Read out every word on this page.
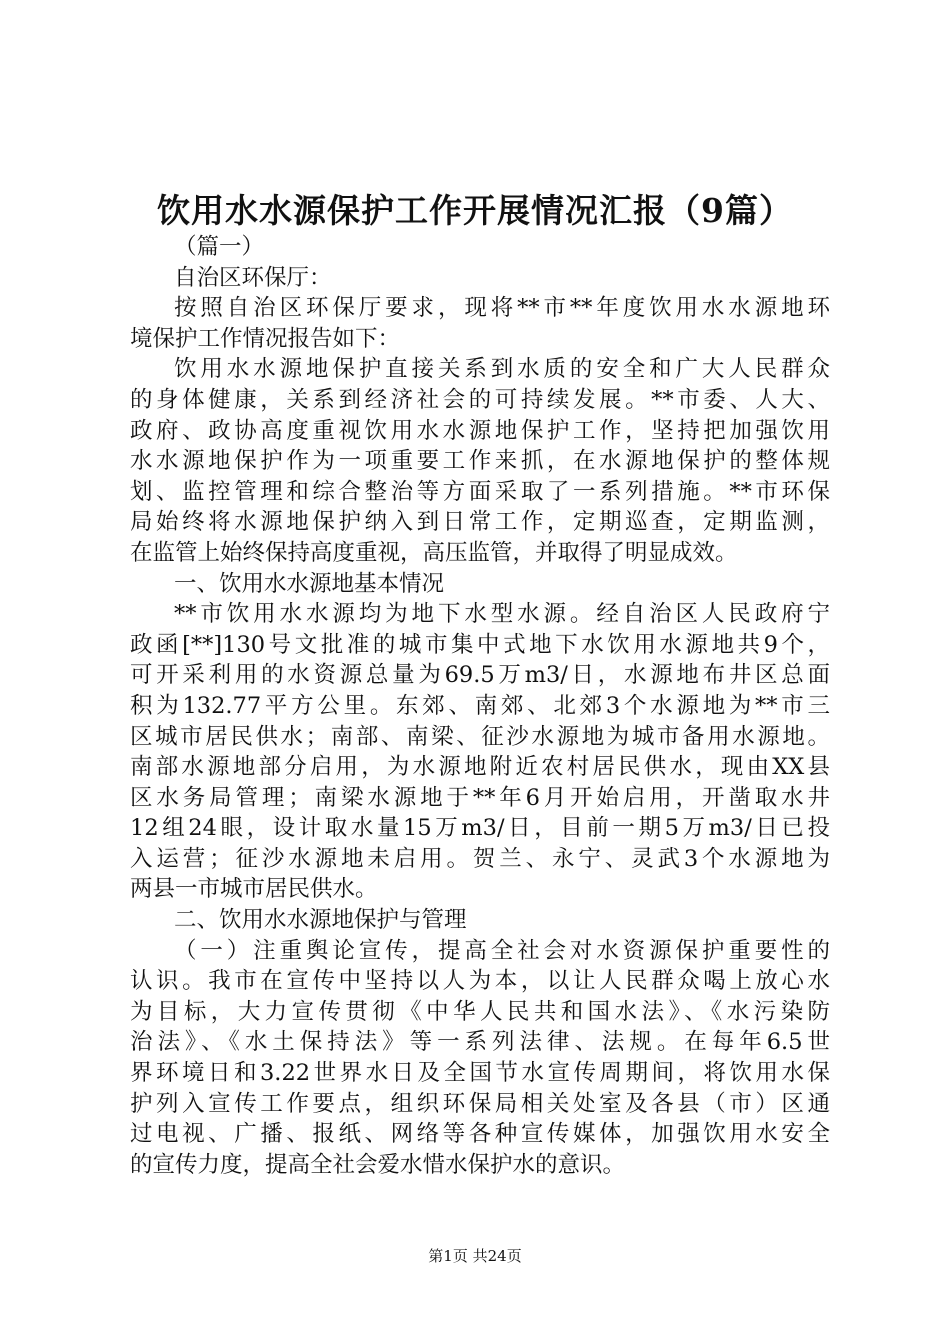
饮用水水源保护工作开展情况汇报（9篇）

（篇一）

自治区环保厅：

按照自治区环保厅要求，现将**市**年度饮用水水源地环

境保护工作情况报告如下：

饮用水水源地保护直接关系到水质的安全和广大人民群众

的身体健康，关系到经济社会的可持续发展。**市委、人大、

政府、政协高度重视饮用水水源地保护工作，坚持把加强饮用

水水源地保护作为一项重要工作来抓，在水源地保护的整体规

划、监控管理和综合整治等方面采取了一系列措施。**市环保

局始终将水源地保护纳入到日常工作，定期巡查，定期监测，

在监管上始终保持高度重视，高压监管，并取得了明显成效。

一、饮用水水源地基本情况

**市饮用水水源均为地下水型水源。经自治区人民政府宁

政函[**]130号文批准的城市集中式地下水饮用水源地共9个，

可开采利用的水资源总量为69.5万m3/日，水源地布井区总面

积为132.77平方公里。东郊、南郊、北郊3个水源地为**市三

区城市居民供水；南部、南梁、征沙水源地为城市备用水源地。

南部水源地部分启用，为水源地附近农村居民供水，现由XX县

区水务局管理；南梁水源地于**年6月开始启用，开凿取水井

12组24眼，设计取水量15万m3/日，目前一期5万m3/日已投

入运营；征沙水源地未启用。贺兰、永宁、灵武3个水源地为

两县一市城市居民供水。

二、饮用水水源地保护与管理

（一）注重舆论宣传，提高全社会对水资源保护重要性的

认识。我市在宣传中坚持以人为本，以让人民群众喝上放心水

为目标，大力宣传贯彻《中华人民共和国水法》、《水污染防

治法》、《水土保持法》等一系列法律、法规。在每年6.5世

界环境日和3.22世界水日及全国节水宣传周期间，将饮用水保

护列入宣传工作要点，组织环保局相关处室及各县（市）区通

过电视、广播、报纸、网络等各种宣传媒体，加强饮用水安全

的宣传力度，提高全社会爱水惜水保护水的意识。

第1页 共24页
